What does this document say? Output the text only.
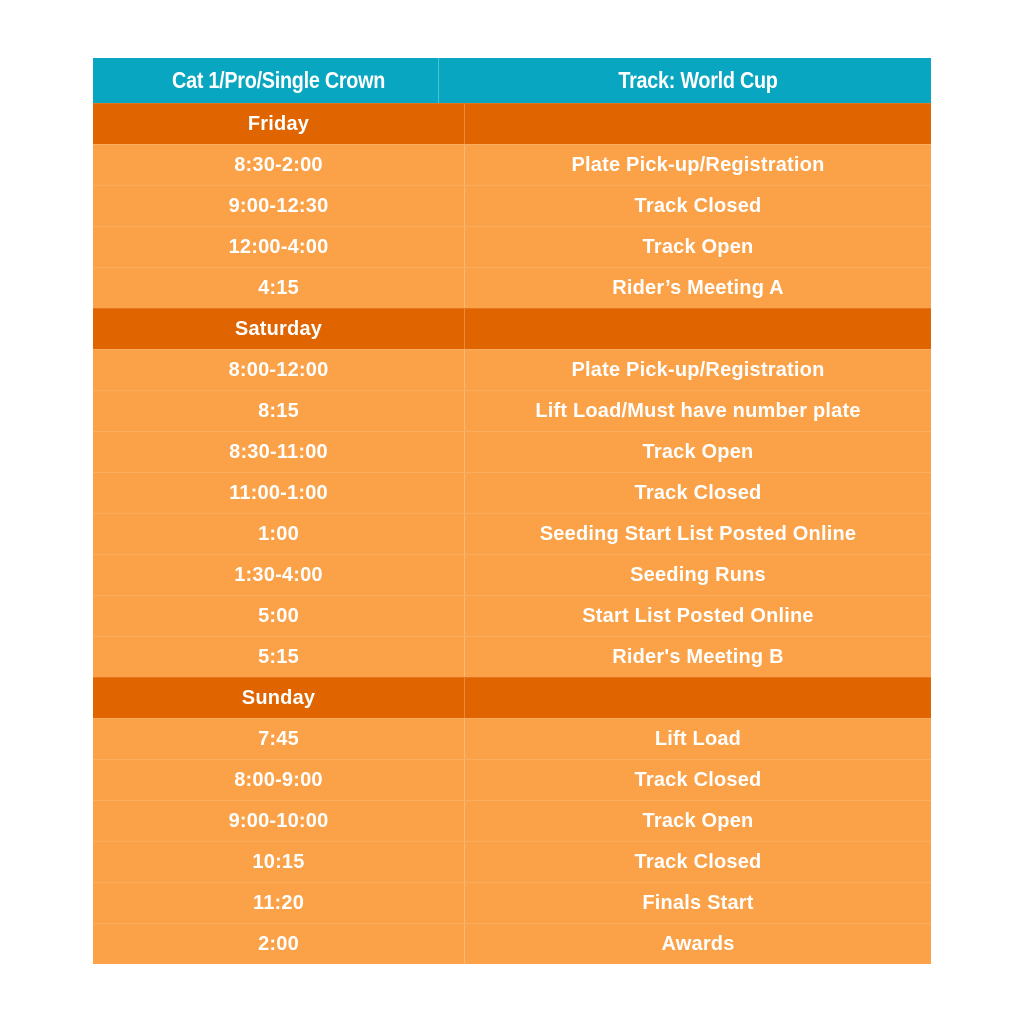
Cat 1/Pro/Single Crown	Track: World Cup
Friday
8:30-2:00	Plate Pick-up/Registration
9:00-12:30	Track Closed
12:00-4:00	Track Open
4:15	Rider’s Meeting A
Saturday
8:00-12:00	Plate Pick-up/Registration
8:15	Lift Load/Must have number plate
8:30-11:00	Track Open
11:00-1:00	Track Closed
1:00	Seeding Start List Posted Online
1:30-4:00	Seeding Runs
5:00	Start List Posted Online
5:15	Rider's Meeting B
Sunday
7:45	Lift Load
8:00-9:00	Track Closed
9:00-10:00	Track Open
10:15	Track Closed
11:20	Finals Start
2:00	Awards
